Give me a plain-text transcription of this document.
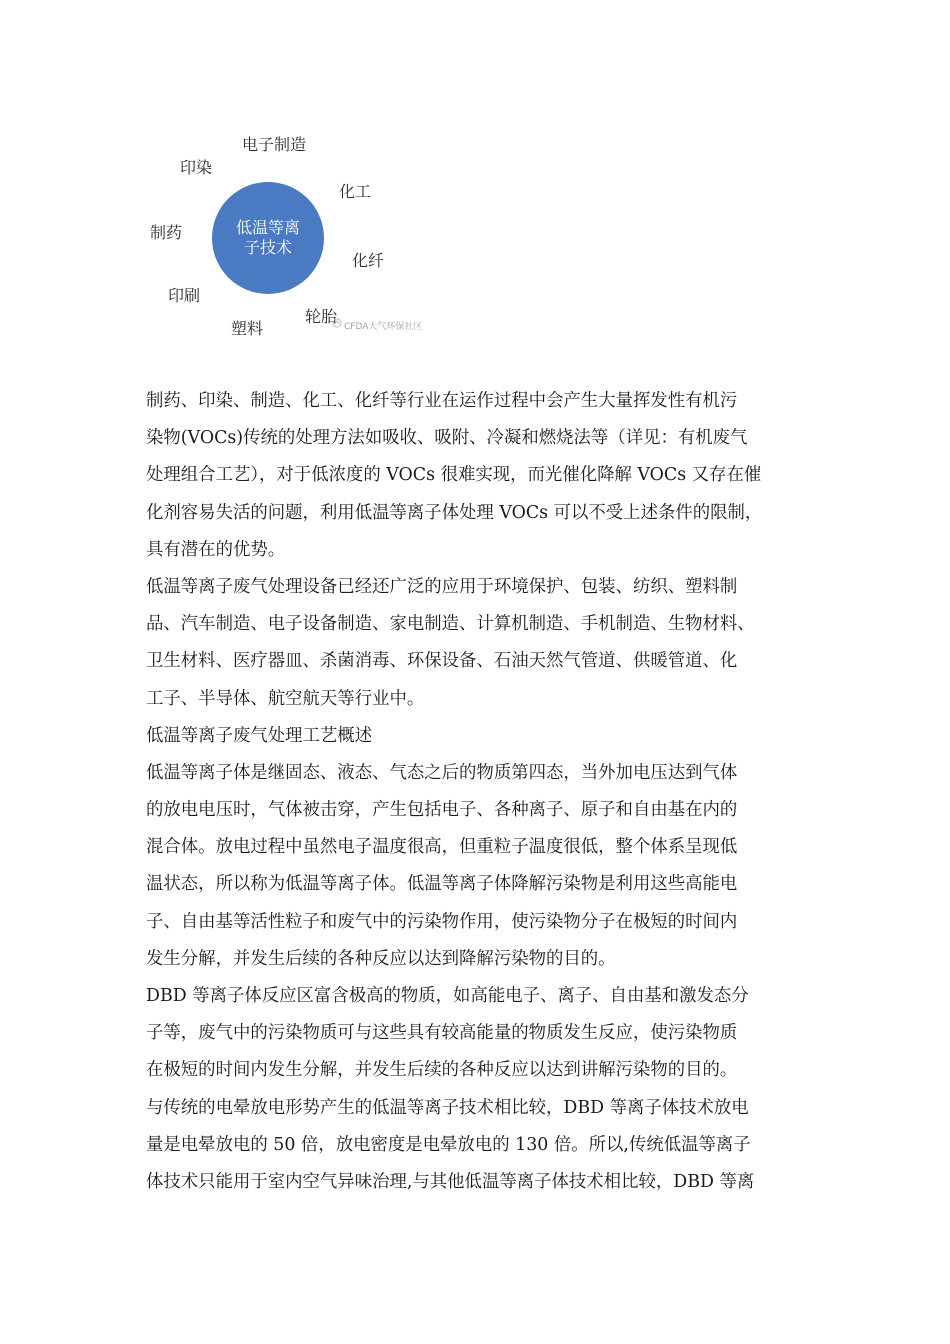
低温等离子技术
电子制造
印染
化工
制药
化纤
印刷
轮胎
塑料	CFDA大气环保社区
制药、印染、制造、化工、化纤等行业在运作过程中会产生大量挥发性有机污
染物(VOCs)传统的处理方法如吸收、吸附、冷凝和燃烧法等（详见：有机废气
处理组合工艺），对于低浓度的 VOCs 很难实现，而光催化降解 VOCs 又存在催
化剂容易失活的问题，利用低温等离子体处理 VOCs 可以不受上述条件的限制，
具有潜在的优势。
低温等离子废气处理设备已经还广泛的应用于环境保护、包装、纺织、塑料制
品、汽车制造、电子设备制造、家电制造、计算机制造、手机制造、生物材料、
卫生材料、医疗器皿、杀菌消毒、环保设备、石油天然气管道、供暖管道、化
工子、半导体、航空航天等行业中。
低温等离子废气处理工艺概述
低温等离子体是继固态、液态、气态之后的物质第四态，当外加电压达到气体
的放电电压时，气体被击穿，产生包括电子、各种离子、原子和自由基在内的
混合体。放电过程中虽然电子温度很高，但重粒子温度很低，整个体系呈现低
温状态，所以称为低温等离子体。低温等离子体降解污染物是利用这些高能电
子、自由基等活性粒子和废气中的污染物作用，使污染物分子在极短的时间内
发生分解，并发生后续的各种反应以达到降解污染物的目的。
DBD 等离子体反应区富含极高的物质，如高能电子、离子、自由基和激发态分
子等，废气中的污染物质可与这些具有较高能量的物质发生反应，使污染物质
在极短的时间内发生分解，并发生后续的各种反应以达到讲解污染物的目的。
与传统的电晕放电形势产生的低温等离子技术相比较，DBD 等离子体技术放电
量是电晕放电的 50 倍，放电密度是电晕放电的 130 倍。所以,传统低温等离子
体技术只能用于室内空气异味治理,与其他低温等离子体技术相比较，DBD 等离
